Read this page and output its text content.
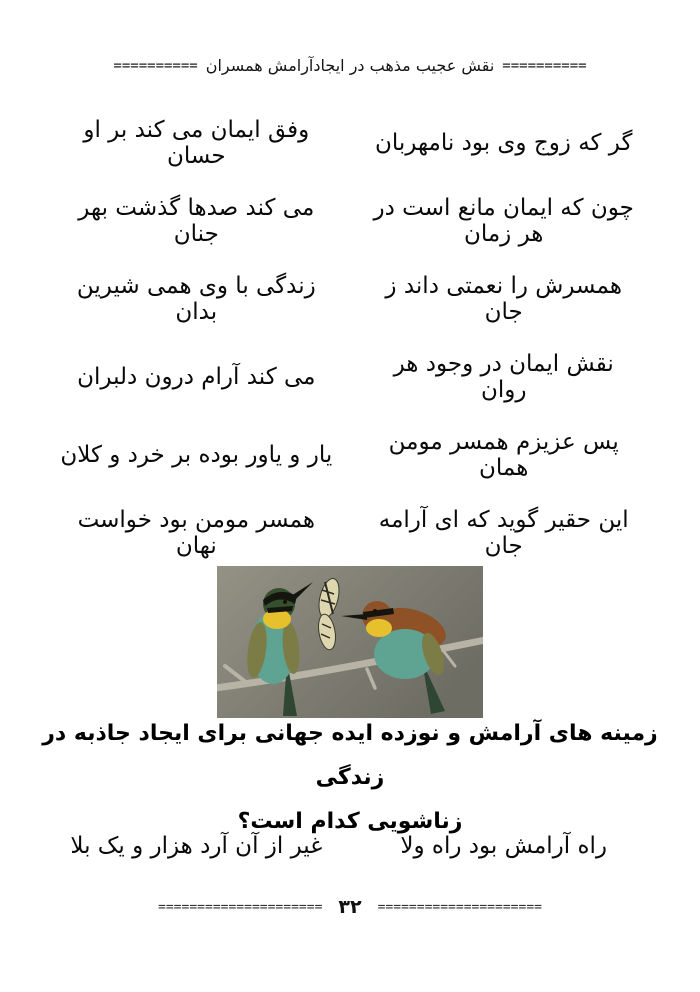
==========
نقش عجیب مذهب در ایجادآرامش همسران
==========
گر که زوج وی بود نامهربان
وفق ایمان می کند بر او حسان
چون که ایمان مانع است در هر زمان
می کند صدها گذشت بهر جنان
همسرش را نعمتی داند ز جان
زندگی با وی همی شیرین بدان
نقش ایمان در وجود هر روان
می کند آرام درون دلبران
پس عزیزم همسر مومن همان
یار و یاور بوده بر خرد و کلان
این حقیر گوید که ای آرامه جان
همسر مومن بود خواست نهان
زمینه های آرامش و نوزده ایده جهانی برای ایجاد جاذبه در زندگی
زناشویی کدام است؟
راه آرامش بود راه ولا
غیر از آن آرد هزار و یک بلا
=====================
۳۲
=====================
